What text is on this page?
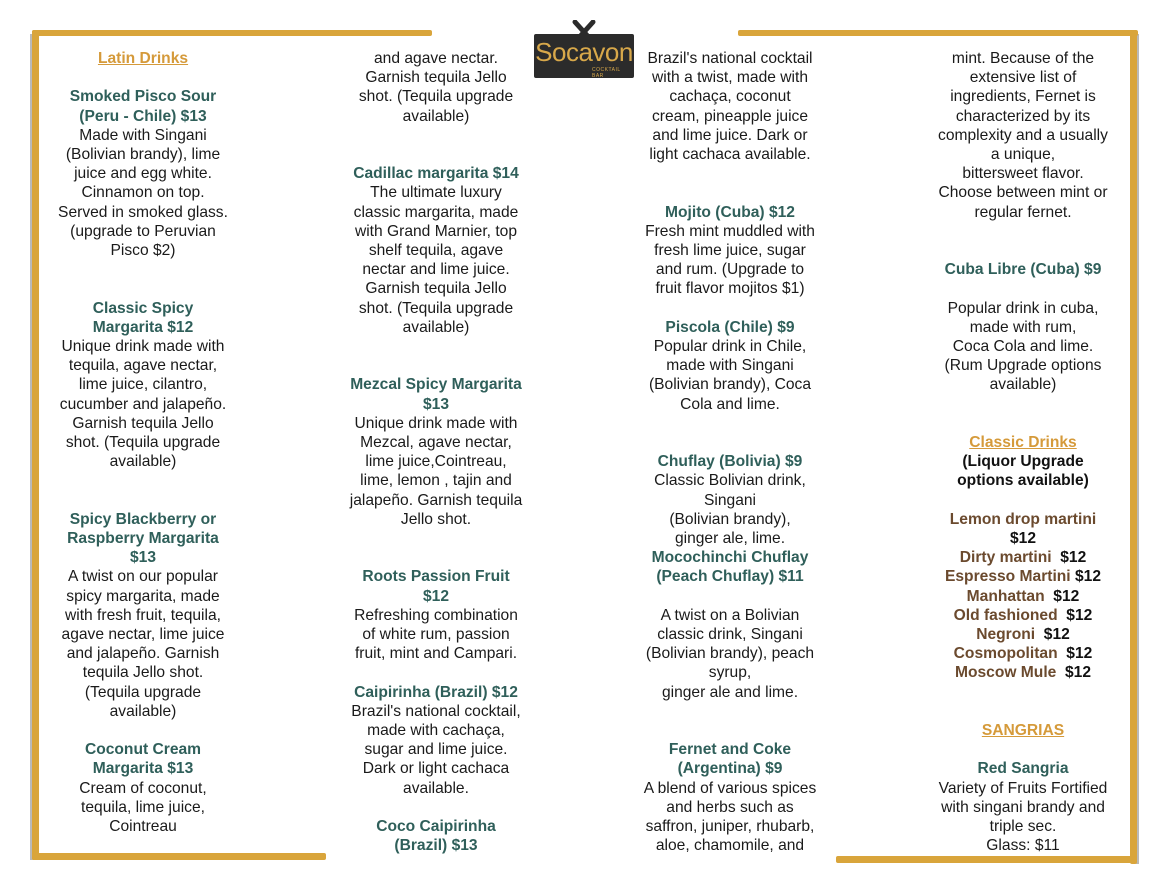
Socavon
COCKTAIL BAR

Latin Drinks

Smoked Pisco Sour

(Peru - Chile) $13

Made with Singani

(Bolivian brandy), lime

juice and egg white.

Cinnamon on top.

Served in smoked glass.

(upgrade to Peruvian

Pisco $2)

Classic Spicy

Margarita $12

Unique drink made with

tequila, agave nectar,

lime juice, cilantro,

cucumber and jalapeño.

Garnish tequila Jello

shot. (Tequila upgrade

available)

Spicy Blackberry or

Raspberry Margarita

$13

A twist on our popular

spicy margarita, made

with fresh fruit, tequila,

agave nectar, lime juice

and jalapeño. Garnish

tequila Jello shot.

(Tequila upgrade

available)

Coconut Cream

Margarita $13

Cream of coconut,

tequila, lime juice,

Cointreau

and agave nectar.

Garnish tequila Jello

shot. (Tequila upgrade

available)

Cadillac margarita $14

The ultimate luxury

classic margarita, made

with Grand Marnier, top

shelf tequila, agave

nectar and lime juice.

Garnish tequila Jello

shot. (Tequila upgrade

available)

Mezcal Spicy Margarita

$13

Unique drink made with

Mezcal, agave nectar,

lime juice,Cointreau,

lime, lemon , tajin and

jalapeño. Garnish tequila

Jello shot.

Roots Passion Fruit

$12

Refreshing combination

of white rum, passion

fruit, mint and Campari.

Caipirinha (Brazil) $12

Brazil's national cocktail,

made with cachaça,

sugar and lime juice.

Dark or light cachaca

available.

Coco Caipirinha

(Brazil) $13

Brazil's national cocktail

with a twist, made with

cachaça, coconut

cream, pineapple juice

and lime juice. Dark or

light cachaca available.

Mojito (Cuba) $12

Fresh mint muddled with

fresh lime juice, sugar

and rum. (Upgrade to

fruit flavor mojitos $1)

Piscola (Chile) $9

Popular drink in Chile,

made with Singani

(Bolivian brandy), Coca

Cola and lime.

Chuflay (Bolivia) $9

Classic Bolivian drink,

Singani

(Bolivian brandy),

ginger ale, lime.

Mocochinchi Chuflay

(Peach Chuflay) $11

A twist on a Bolivian

classic drink, Singani

(Bolivian brandy), peach

syrup,

ginger ale and lime.

Fernet and Coke

(Argentina) $9

A blend of various spices

and herbs such as

saffron, juniper, rhubarb,

aloe, chamomile, and

mint. Because of the

extensive list of

ingredients, Fernet is

characterized by its

complexity and a usually

a unique,

bittersweet flavor.

Choose between mint or

regular fernet.

Cuba Libre (Cuba) $9

Popular drink in cuba,

made with rum,

Coca Cola and lime.

(Rum Upgrade options

available)

Classic Drinks

(Liquor Upgrade

options available)

Lemon drop martini

$12

Dirty martini $12

Espresso Martini $12

Manhattan $12

Old fashioned $12

Negroni $12

Cosmopolitan $12

Moscow Mule $12

SANGRIAS

Red Sangria

Variety of Fruits Fortified

with singani brandy and

triple sec.

Glass: $11
